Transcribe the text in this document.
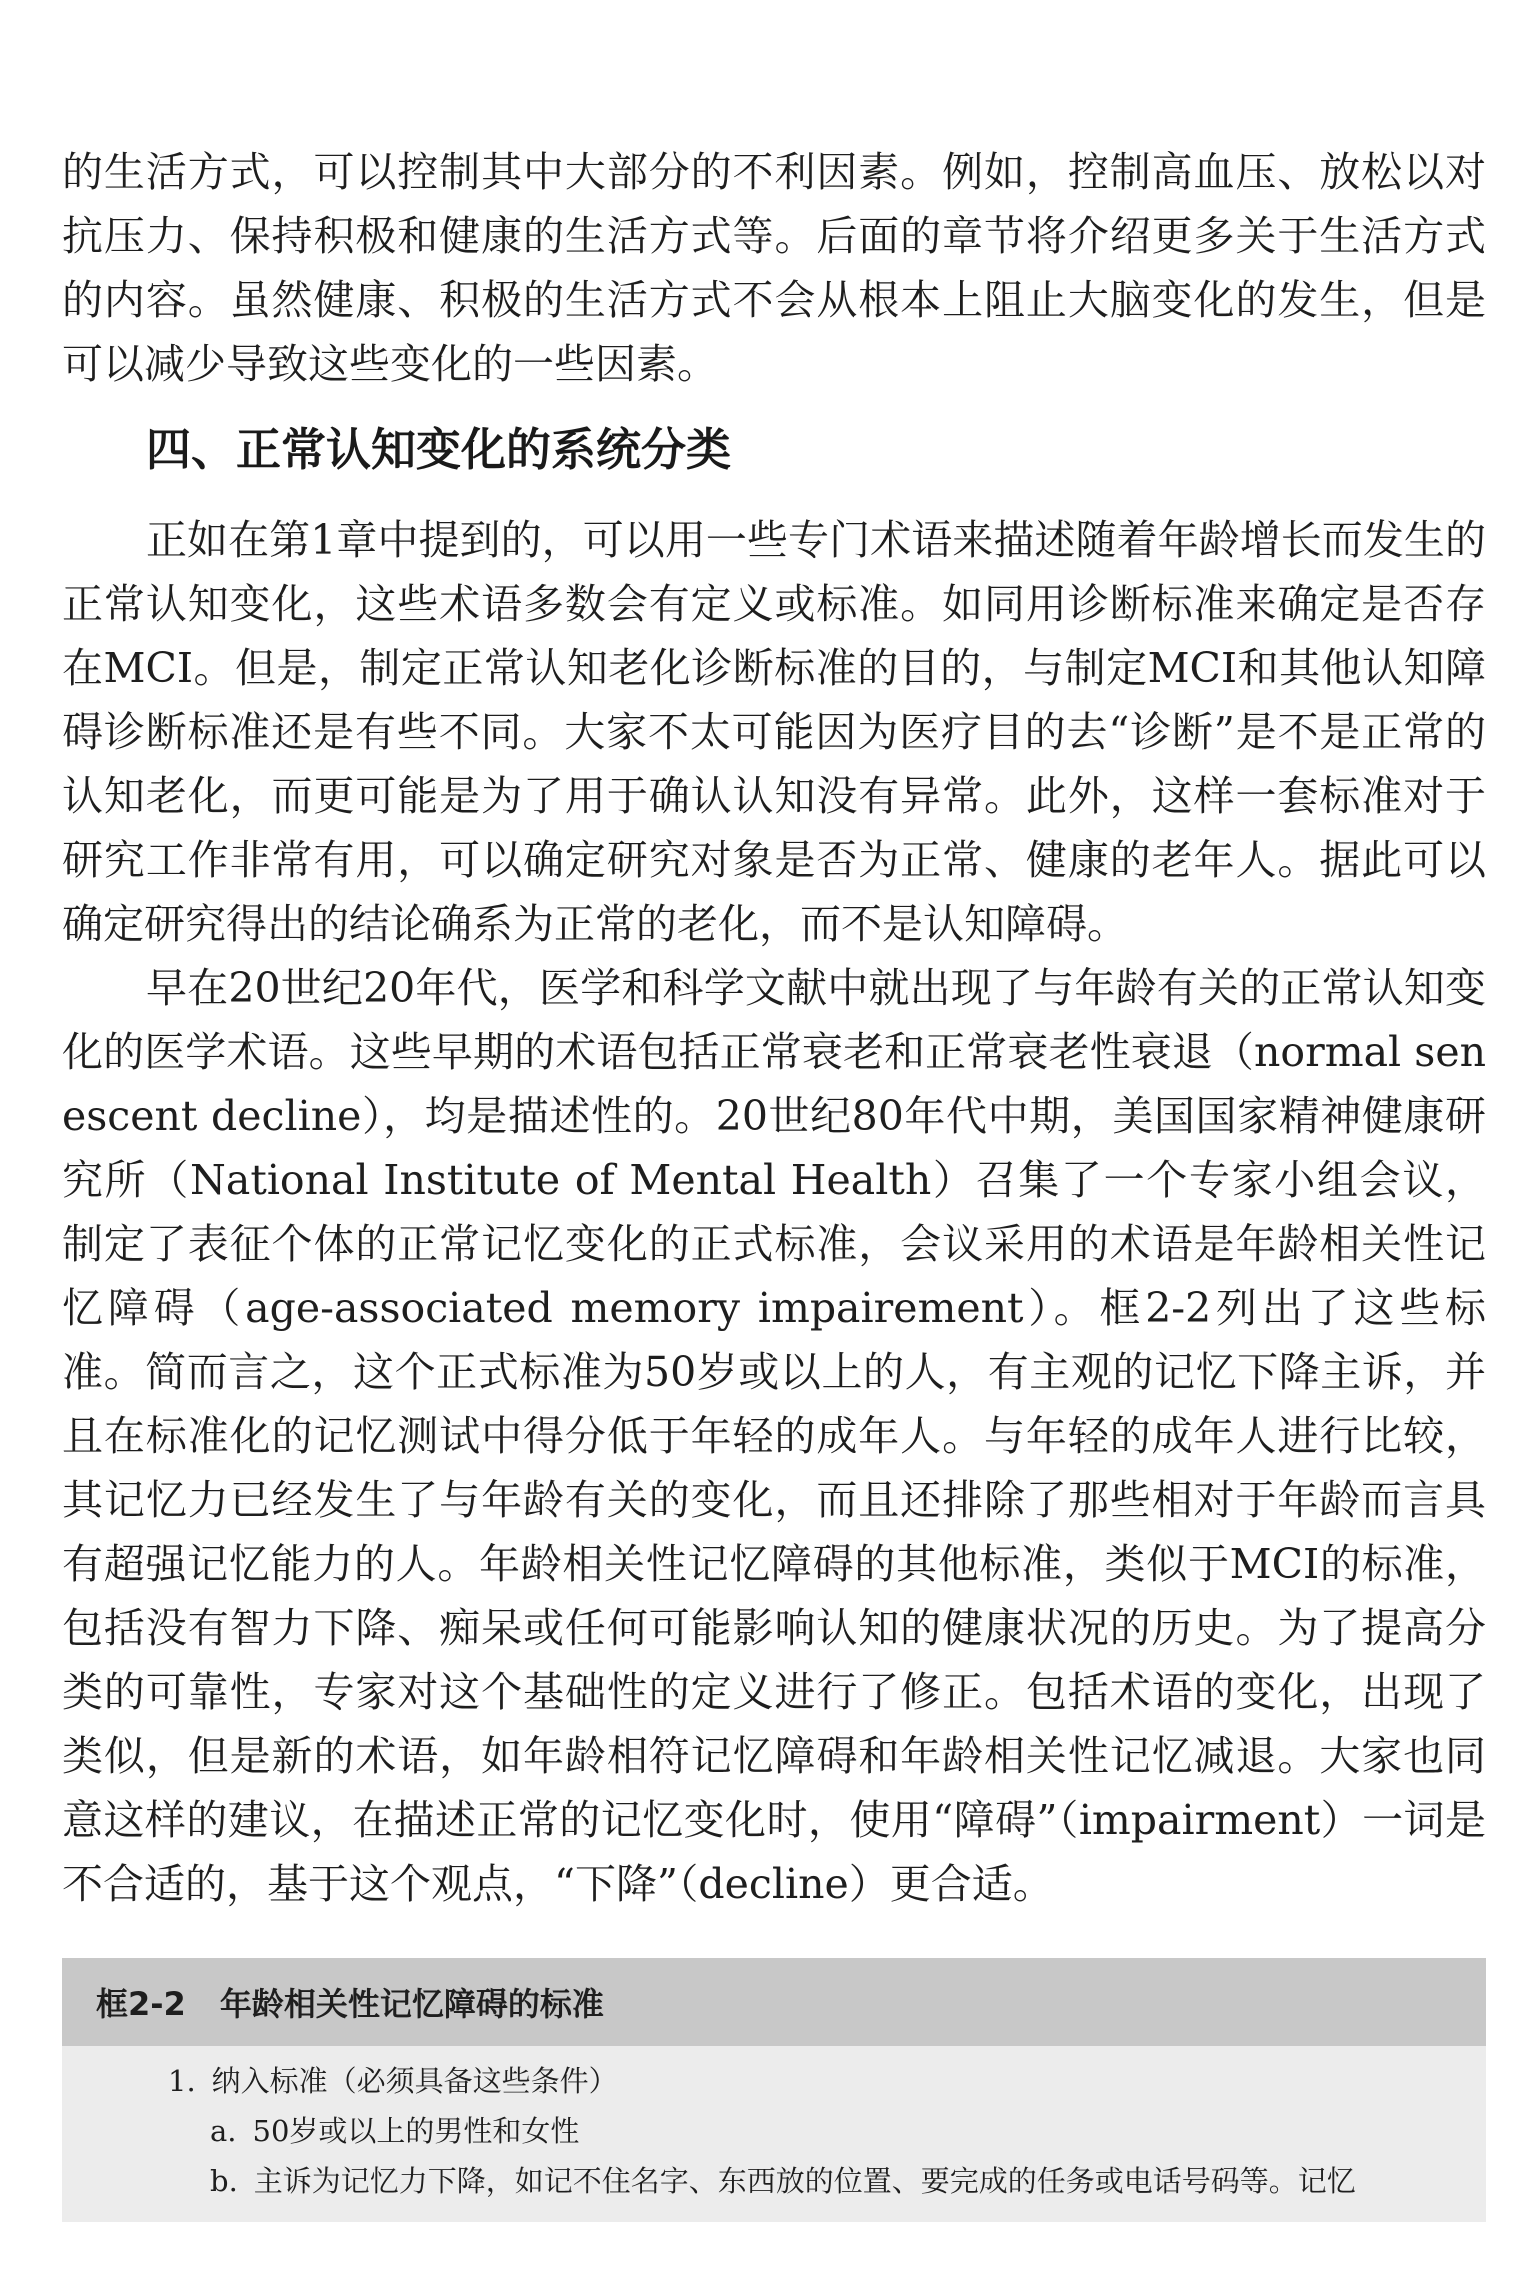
的生活方式，可以控制其中大部分的不利因素。例如，控制高血压、放松以对抗压力、保持积极和健康的生活方式等。后面的章节将介绍更多关于生活方式的内容。虽然健康、积极的生活方式不会从根本上阻止大脑变化的发生，但是可以减少导致这些变化的一些因素。

四、正常认知变化的系统分类

正如在第1章中提到的，可以用一些专门术语来描述随着年龄增长而发生的正常认知变化，这些术语多数会有定义或标准。如同用诊断标准来确定是否存在MCI。但是，制定正常认知老化诊断标准的目的，与制定MCI和其他认知障碍诊断标准还是有些不同。大家不太可能因为医疗目的去“诊断”是不是正常的认知老化，而更可能是为了用于确认认知没有异常。此外，这样一套标准对于研究工作非常有用，可以确定研究对象是否为正常、健康的老年人。据此可以确定研究得出的结论确系为正常的老化，而不是认知障碍。

早在20世纪20年代，医学和科学文献中就出现了与年龄有关的正常认知变化的医学术语。这些早期的术语包括正常衰老和正常衰老性衰退（normal senescent decline），均是描述性的。20世纪80年代中期，美国国家精神健康研究所（National Institute of Mental Health）召集了一个专家小组会议，制定了表征个体的正常记忆变化的正式标准，会议采用的术语是年龄相关性记忆障碍（age-associated memory impairement）。框2-2列出了这些标准。简而言之，这个正式标准为50岁或以上的人，有主观的记忆下降主诉，并且在标准化的记忆测试中得分低于年轻的成年人。与年轻的成年人进行比较，其记忆力已经发生了与年龄有关的变化，而且还排除了那些相对于年龄而言具有超强记忆能力的人。年龄相关性记忆障碍的其他标准，类似于MCI的标准，包括没有智力下降、痴呆或任何可能影响认知的健康状况的历史。为了提高分类的可靠性，专家对这个基础性的定义进行了修正。包括术语的变化，出现了类似，但是新的术语，如年龄相符记忆障碍和年龄相关性记忆减退。大家也同意这样的建议，在描述正常的记忆变化时，使用“障碍”（impairment）一词是不合适的，基于这个观点，“下降”（decline）更合适。

框2-2 年龄相关性记忆障碍的标准
1. 纳入标准（必须具备这些条件）
a. 50岁或以上的男性和女性
b. 主诉为记忆力下降，如记不住名字、东西放的位置、要完成的任务或电话号码等。记忆
